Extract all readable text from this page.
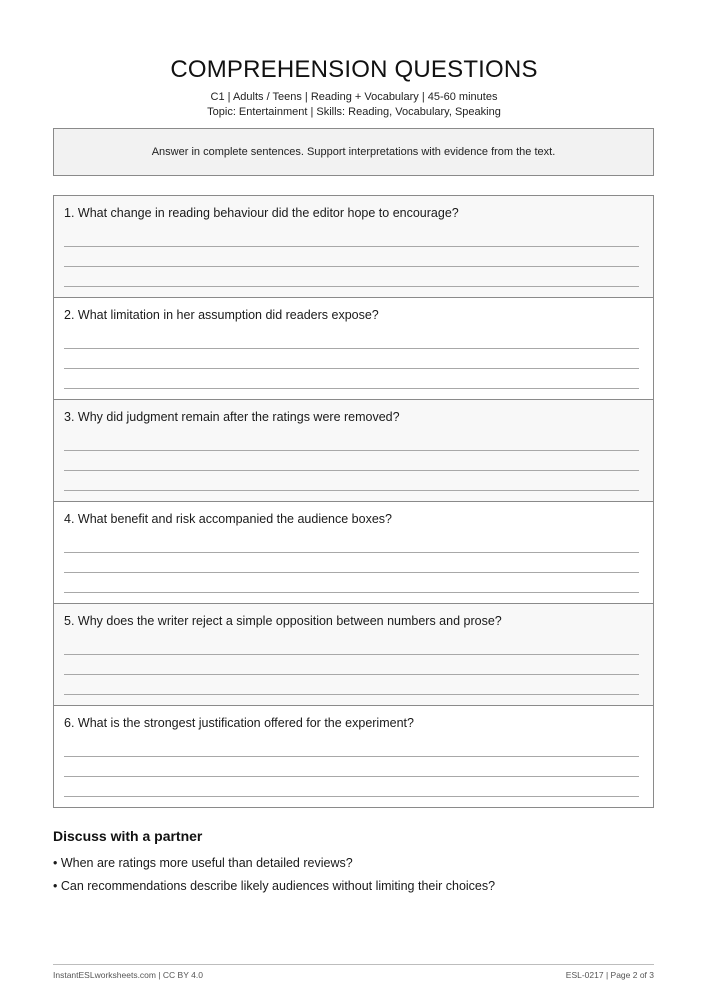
COMPREHENSION QUESTIONS
C1 | Adults / Teens | Reading + Vocabulary | 45-60 minutes
Topic: Entertainment | Skills: Reading, Vocabulary, Speaking
Answer in complete sentences. Support interpretations with evidence from the text.
1. What change in reading behaviour did the editor hope to encourage?
2. What limitation in her assumption did readers expose?
3. Why did judgment remain after the ratings were removed?
4. What benefit and risk accompanied the audience boxes?
5. Why does the writer reject a simple opposition between numbers and prose?
6. What is the strongest justification offered for the experiment?
Discuss with a partner
• When are ratings more useful than detailed reviews?
• Can recommendations describe likely audiences without limiting their choices?
InstantESLworksheets.com | CC BY 4.0	ESL-0217 | Page 2 of 3
